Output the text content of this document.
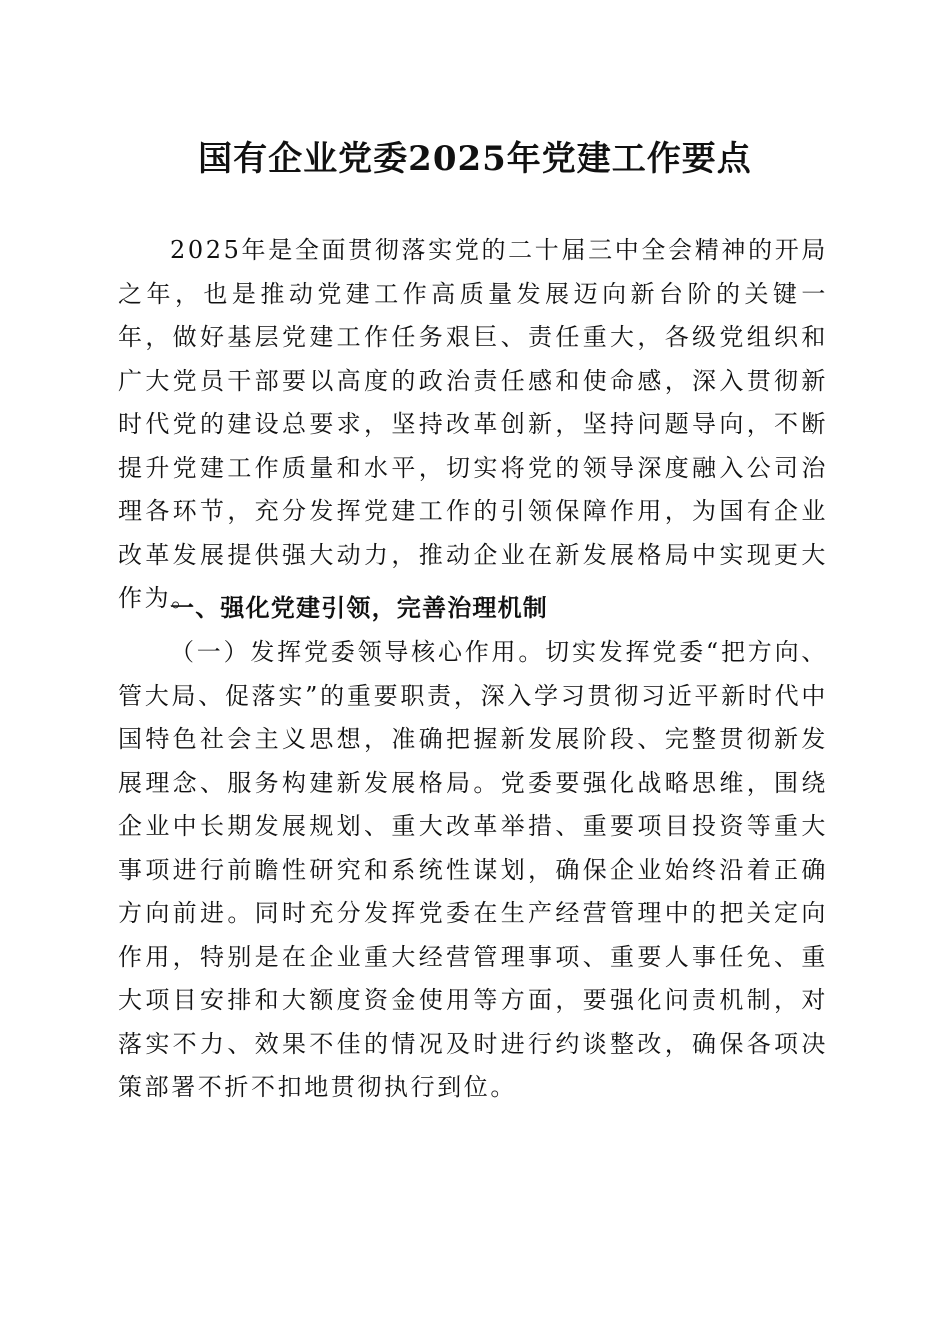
国有企业党委2025年党建工作要点

2025年是全面贯彻落实党的二十届三中全会精神的开局之年，也是推动党建工作高质量发展迈向新台阶的关键一年，做好基层党建工作任务艰巨、责任重大，各级党组织和广大党员干部要以高度的政治责任感和使命感，深入贯彻新时代党的建设总要求，坚持改革创新，坚持问题导向，不断提升党建工作质量和水平，切实将党的领导深度融入公司治理各环节，充分发挥党建工作的引领保障作用，为国有企业改革发展提供强大动力，推动企业在新发展格局中实现更大作为。

一、强化党建引领，完善治理机制

（一）发挥党委领导核心作用。切实发挥党委“把方向、管大局、促落实”的重要职责，深入学习贯彻习近平新时代中国特色社会主义思想，准确把握新发展阶段、完整贯彻新发展理念、服务构建新发展格局。党委要强化战略思维，围绕企业中长期发展规划、重大改革举措、重要项目投资等重大事项进行前瞻性研究和系统性谋划，确保企业始终沿着正确方向前进。同时充分发挥党委在生产经营管理中的把关定向作用，特别是在企业重大经营管理事项、重要人事任免、重大项目安排和大额度资金使用等方面，要强化问责机制，对落实不力、效果不佳的情况及时进行约谈整改，确保各项决策部署不折不扣地贯彻执行到位。
